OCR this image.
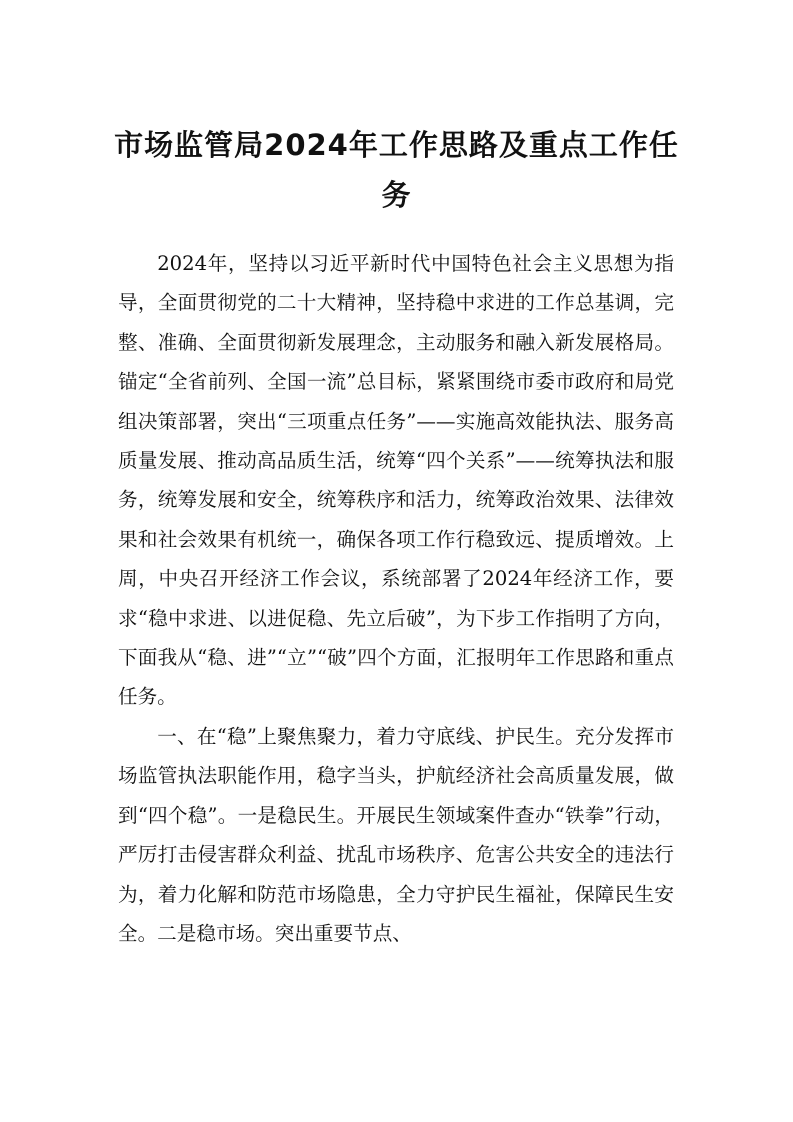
市场监管局2024年工作思路及重点工作任务

2024年，坚持以习近平新时代中国特色社会主义思想为指导，全面贯彻党的二十大精神，坚持稳中求进的工作总基调，完整、准确、全面贯彻新发展理念，主动服务和融入新发展格局。锚定“全省前列、全国一流”总目标，紧紧围绕市委市政府和局党组决策部署，突出“三项重点任务”——实施高效能执法、服务高质量发展、推动高品质生活，统筹“四个关系”——统筹执法和服务，统筹发展和安全，统筹秩序和活力，统筹政治效果、法律效果和社会效果有机统一，确保各项工作行稳致远、提质增效。上周，中央召开经济工作会议，系统部署了2024年经济工作，要求“稳中求进、以进促稳、先立后破”，为下步工作指明了方向，下面我从“稳、进”“立”“破”四个方面，汇报明年工作思路和重点任务。

一、在“稳”上聚焦聚力，着力守底线、护民生。充分发挥市场监管执法职能作用，稳字当头，护航经济社会高质量发展，做到“四个稳”。一是稳民生。开展民生领域案件查办“铁拳”行动，严厉打击侵害群众利益、扰乱市场秩序、危害公共安全的违法行为，着力化解和防范市场隐患，全力守护民生福祉，保障民生安全。二是稳市场。突出重要节点、
